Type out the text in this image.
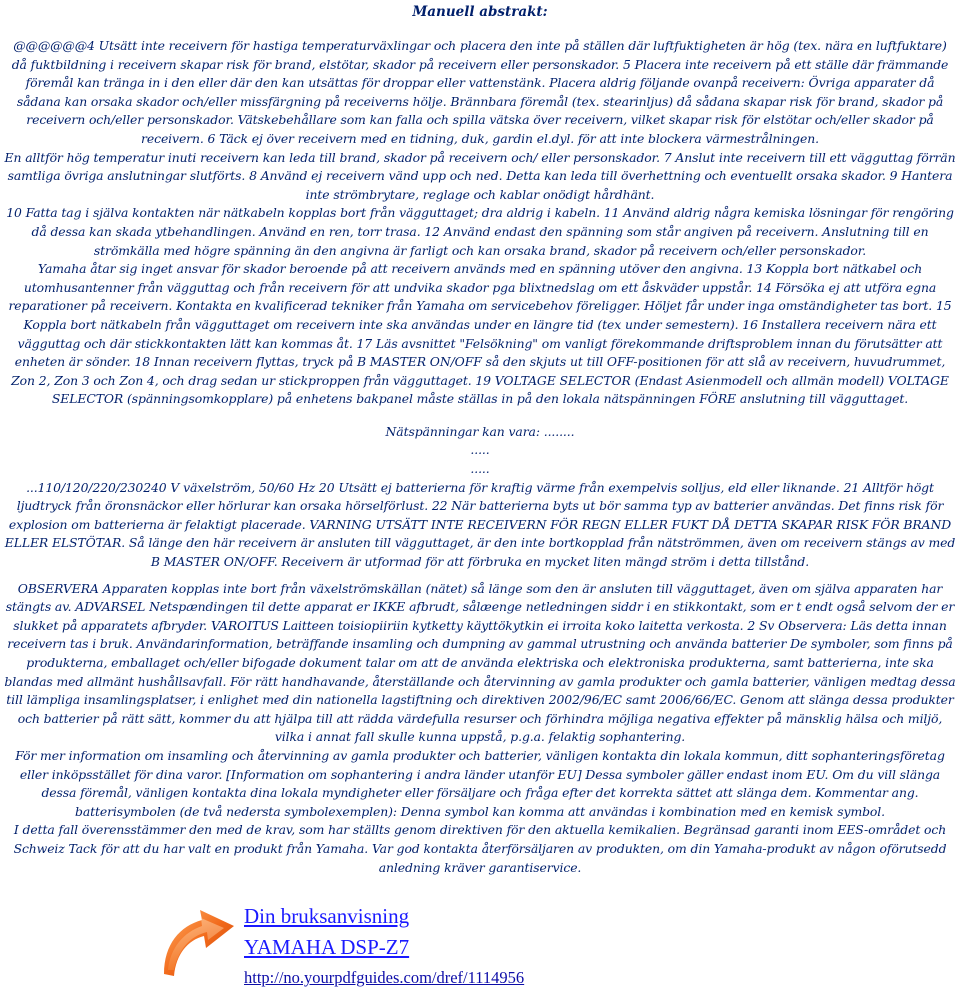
Manuell abstrakt:

@@@@@@4 Utsätt inte receivern för hastiga temperaturväxlingar och placera den inte på ställen där luftfuktigheten är hög (tex. nära en luftfuktare) då fuktbildning i receivern skapar risk för brand, elstötar, skador på receivern eller personskador. 5 Placera inte receivern på ett ställe där främmande föremål kan tränga in i den eller där den kan utsättas för droppar eller vattenstänk. Placera aldrig följande ovanpå receivern: Övriga apparater då sådana kan orsaka skador och/eller missfärgning på receiverns hölje. Brännbara föremål (tex. stearinljus) då sådana skapar risk för brand, skador på receivern och/eller personskador. Vätskebehållare som kan falla och spilla vätska över receivern, vilket skapar risk för elstötar och/eller skador på receivern. 6 Täck ej över receivern med en tidning, duk, gardin el.dyl. för att inte blockera värmestrålningen.

En alltför hög temperatur inuti receivern kan leda till brand, skador på receivern och/ eller personskador. 7 Anslut inte receivern till ett vägguttag förrän samtliga övriga anslutningar slutförts. 8 Använd ej receivern vänd upp och ned. Detta kan leda till överhettning och eventuellt orsaka skador. 9 Hantera inte strömbrytare, reglage och kablar onödigt hårdhänt.

10 Fatta tag i själva kontakten när nätkabeln kopplas bort från vägguttaget; dra aldrig i kabeln. 11 Använd aldrig några kemiska lösningar för rengöring då dessa kan skada ytbehandlingen. Använd en ren, torr trasa. 12 Använd endast den spänning som står angiven på receivern. Anslutning till en strömkälla med högre spänning än den angivna är farligt och kan orsaka brand, skador på receivern och/eller personskador.

Yamaha åtar sig inget ansvar för skador beroende på att receivern används med en spänning utöver den angivna. 13 Koppla bort nätkabel och utomhusantenner från vägguttag och från receivern för att undvika skador pga blixtnedslag om ett åskväder uppstår. 14 Försöka ej att utföra egna reparationer på receivern. Kontakta en kvalificerad tekniker från Yamaha om servicebehov föreligger. Höljet får under inga omständigheter tas bort. 15 Koppla bort nätkabeln från vägguttaget om receivern inte ska användas under en längre tid (tex under semestern). 16 Installera receivern nära ett vägguttag och där stickkontakten lätt kan kommas åt. 17 Läs avsnittet "Felsökning" om vanligt förekommande driftsproblem innan du förutsätter att enheten är sönder. 18 Innan receivern flyttas, tryck på B MASTER ON/OFF så den skjuts ut till OFF-positionen för att slå av receivern, huvudrummet, Zon 2, Zon 3 och Zon 4, och drag sedan ur stickproppen från vägguttaget. 19 VOLTAGE SELECTOR (Endast Asienmodell och allmän modell) VOLTAGE SELECTOR (spänningsomkopplare) på enhetens bakpanel måste ställas in på den lokala nätspänningen FÖRE anslutning till vägguttaget.

Nätspänningar kan vara: ........

.....

.....

...110/120/220/230240 V växelström, 50/60 Hz 20 Utsätt ej batterierna för kraftig värme från exempelvis solljus, eld eller liknande. 21 Alltför högt ljudtryck från öronsnäckor eller hörlurar kan orsaka hörselförlust. 22 När batterierna byts ut bör samma typ av batterier användas. Det finns risk för explosion om batterierna är felaktigt placerade. VARNING UTSÄTT INTE RECEIVERN FÖR REGN ELLER FUKT DÅ DETTA SKAPAR RISK FÖR BRAND ELLER ELSTÖTAR. Så länge den här receivern är ansluten till vägguttaget, är den inte bortkopplad från nätströmmen, även om receivern stängs av med B MASTER ON/OFF. Receivern är utformad för att förbruka en mycket liten mängd ström i detta tillstånd.

OBSERVERA Apparaten kopplas inte bort från växelströmskällan (nätet) så länge som den är ansluten till vägguttaget, även om själva apparaten har stängts av. ADVARSEL Netspændingen til dette apparat er IKKE afbrudt, sålæenge netledningen siddr i en stikkontakt, som er t endt også selvom der er slukket på apparatets afbryder. VAROITUS Laitteen toisiopiiriin kytketty käyttökytkin ei irroita koko laitetta verkosta. 2 Sv Observera: Läs detta innan receivern tas i bruk. Användarinformation, beträffande insamling och dumpning av gammal utrustning och använda batterier De symboler, som finns på produkterna, emballaget och/eller bifogade dokument talar om att de använda elektriska och elektroniska produkterna, samt batterierna, inte ska blandas med allmänt hushållsavfall. För rätt handhavande, återställande och återvinning av gamla produkter och gamla batterier, vänligen medtag dessa till lämpliga insamlingsplatser, i enlighet med din nationella lagstiftning och direktiven 2002/96/EC samt 2006/66/EC. Genom att slänga dessa produkter och batterier på rätt sätt, kommer du att hjälpa till att rädda värdefulla resurser och förhindra möjliga negativa effekter på mänsklig hälsa och miljö, vilka i annat fall skulle kunna uppstå, p.g.a. felaktig sophantering.

För mer information om insamling och återvinning av gamla produkter och batterier, vänligen kontakta din lokala kommun, ditt sophanteringsföretag eller inköpsstället för dina varor. [Information om sophantering i andra länder utanför EU] Dessa symboler gäller endast inom EU. Om du vill slänga dessa föremål, vänligen kontakta dina lokala myndigheter eller försäljare och fråga efter det korrekta sättet att slänga dem. Kommentar ang. batterisymbolen (de två nedersta symbolexemplen): Denna symbol kan komma att användas i kombination med en kemisk symbol.

I detta fall överensstämmer den med de krav, som har ställts genom direktiven för den aktuella kemikalien. Begränsad garanti inom EES-området och Schweiz Tack för att du har valt en produkt från Yamaha. Var god kontakta återförsäljaren av produkten, om din Yamaha-produkt av någon oförutsedd anledning kräver garantiservice.

Din bruksanvisning
YAMAHA DSP-Z7
http://no.yourpdfguides.com/dref/1114956
